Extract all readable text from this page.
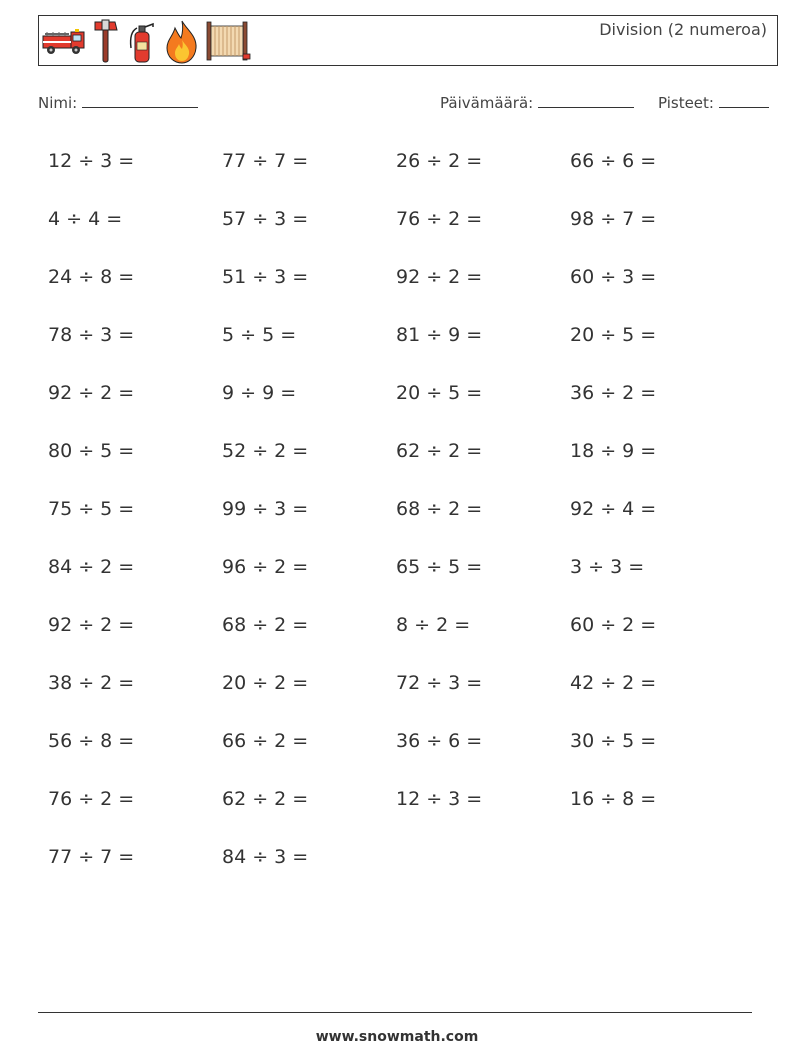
Division (2 numeroa)
Nimi:	Päivämäärä:	Pisteet:
12 ÷ 3 =	77 ÷ 7 =	26 ÷ 2 =	66 ÷ 6 =
4 ÷ 4 =	57 ÷ 3 =	76 ÷ 2 =	98 ÷ 7 =
24 ÷ 8 =	51 ÷ 3 =	92 ÷ 2 =	60 ÷ 3 =
78 ÷ 3 =	5 ÷ 5 =	81 ÷ 9 =	20 ÷ 5 =
92 ÷ 2 =	9 ÷ 9 =	20 ÷ 5 =	36 ÷ 2 =
80 ÷ 5 =	52 ÷ 2 =	62 ÷ 2 =	18 ÷ 9 =
75 ÷ 5 =	99 ÷ 3 =	68 ÷ 2 =	92 ÷ 4 =
84 ÷ 2 =	96 ÷ 2 =	65 ÷ 5 =	3 ÷ 3 =
92 ÷ 2 =	68 ÷ 2 =	8 ÷ 2 =	60 ÷ 2 =
38 ÷ 2 =	20 ÷ 2 =	72 ÷ 3 =	42 ÷ 2 =
56 ÷ 8 =	66 ÷ 2 =	36 ÷ 6 =	30 ÷ 5 =
76 ÷ 2 =	62 ÷ 2 =	12 ÷ 3 =	16 ÷ 8 =
77 ÷ 7 =	84 ÷ 3 =
www.snowmath.com
